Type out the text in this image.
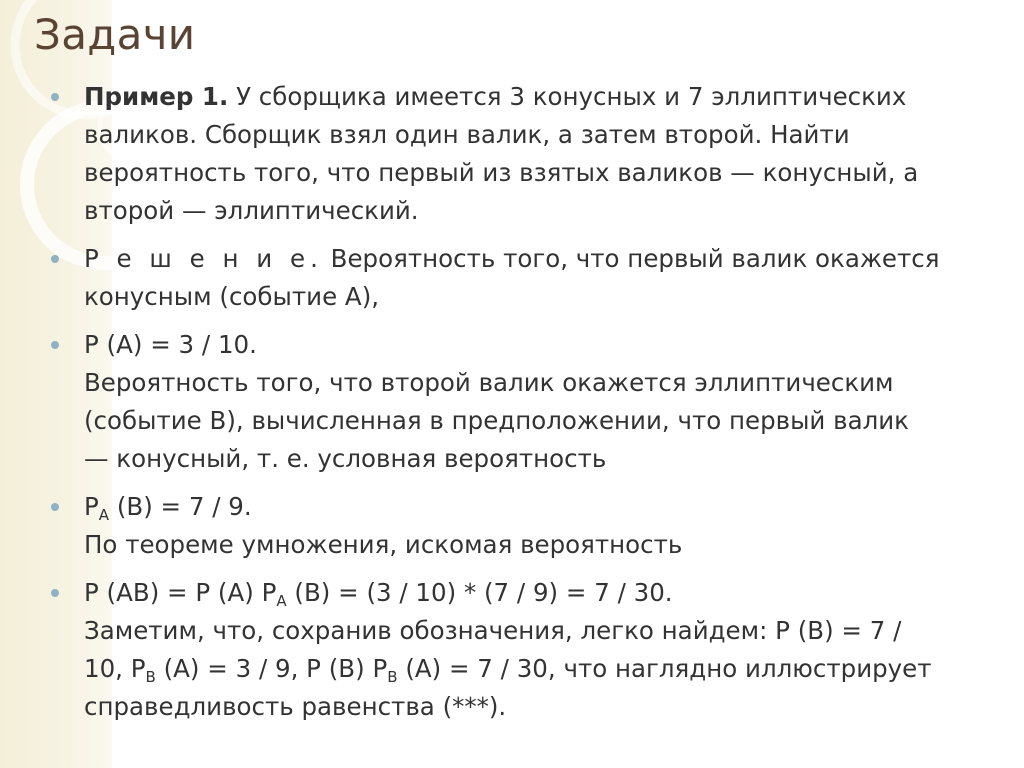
Задачи
Пример 1. У сборщика имеется 3 конусных и 7 эллиптических
валиков. Сборщик взял один валик, а затем второй. Найти
вероятность того, что первый из взятых валиков — конусный, а
второй — эллиптический.
Р е ш е н и е. Вероятность того, что первый валик окажется
конусным (событие А),
Р (А) = 3 / 10.
Вероятность того, что второй валик окажется эллиптическим
(событие В), вычисленная в предположении, что первый валик
— конусный, т. е. условная вероятность
$Р_А$ (В) = 7 / 9.
По теореме умножения, искомая вероятность
Р (АВ) = Р (А) $Р_А$ (В) = (3 / 10) * (7 / 9) = 7 / 30.
Заметим, что, сохранив обозначения, легко найдем: Р (В) = 7 /
10, $Р_В$ (А) = 3 / 9, Р (В) $Р_В$ (А) = 7 / 30, что наглядно иллюстрирует
справедливость равенства (***).
